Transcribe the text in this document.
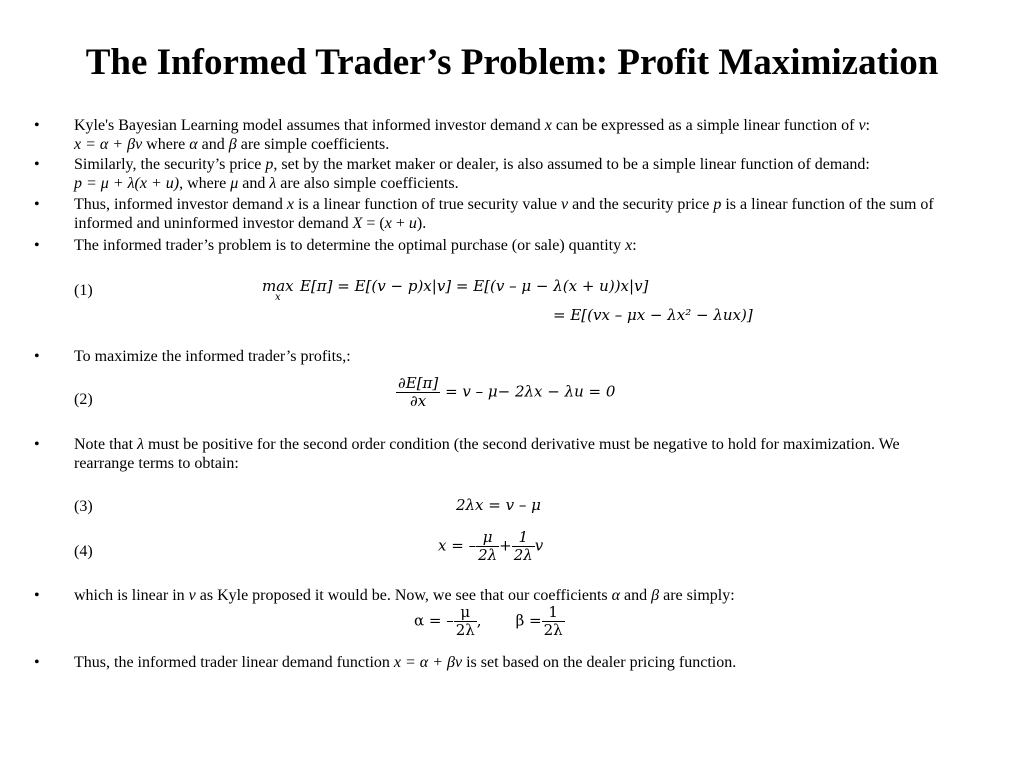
The Informed Trader’s Problem: Profit Maximization
• Kyle's Bayesian Learning model assumes that informed investor demand x can be expressed as a simple linear function of v:
x = α + βv where α and β are simple coefficients.
• Similarly, the security’s price p, set by the market maker or dealer, is also assumed to be a simple linear function of demand:
p = μ + λ(x + u), where μ and λ are also simple coefficients.
• Thus, informed investor demand x is a linear function of true security value v and the security price p is a linear function of the sum of informed and uninformed investor demand X = (x + u).
• The informed trader’s problem is to determine the optimal purchase (or sale) quantity x:
(1)	max
x
E[π] = E[(v − p)x|v] = E[(v – μ − λ(x + u))x|v]
= E[(vx – μx − λx² − λux)]
• To maximize the informed trader’s profits,:
(2)	$\frac{\partial E[\pi]}{\partial x} = v - \mu- 2\lambda x - \lambda u = 0$
• Note that λ must be positive for the second order condition (the second derivative must be negative to hold for maximization. We rearrange terms to obtain:
(3)	2λx = v – μ
(4)	x = – $\frac{\mu}{2\lambda} + \frac{1}{2\lambda}$ v
• which is linear in v as Kyle proposed it would be. Now, we see that our coefficients α and β are simply:
α = – $\frac{\mu}{2\lambda}$ , $\beta = \frac{1}{2\lambda}$
• Thus, the informed trader linear demand function x = α + βv is set based on the dealer pricing function.
